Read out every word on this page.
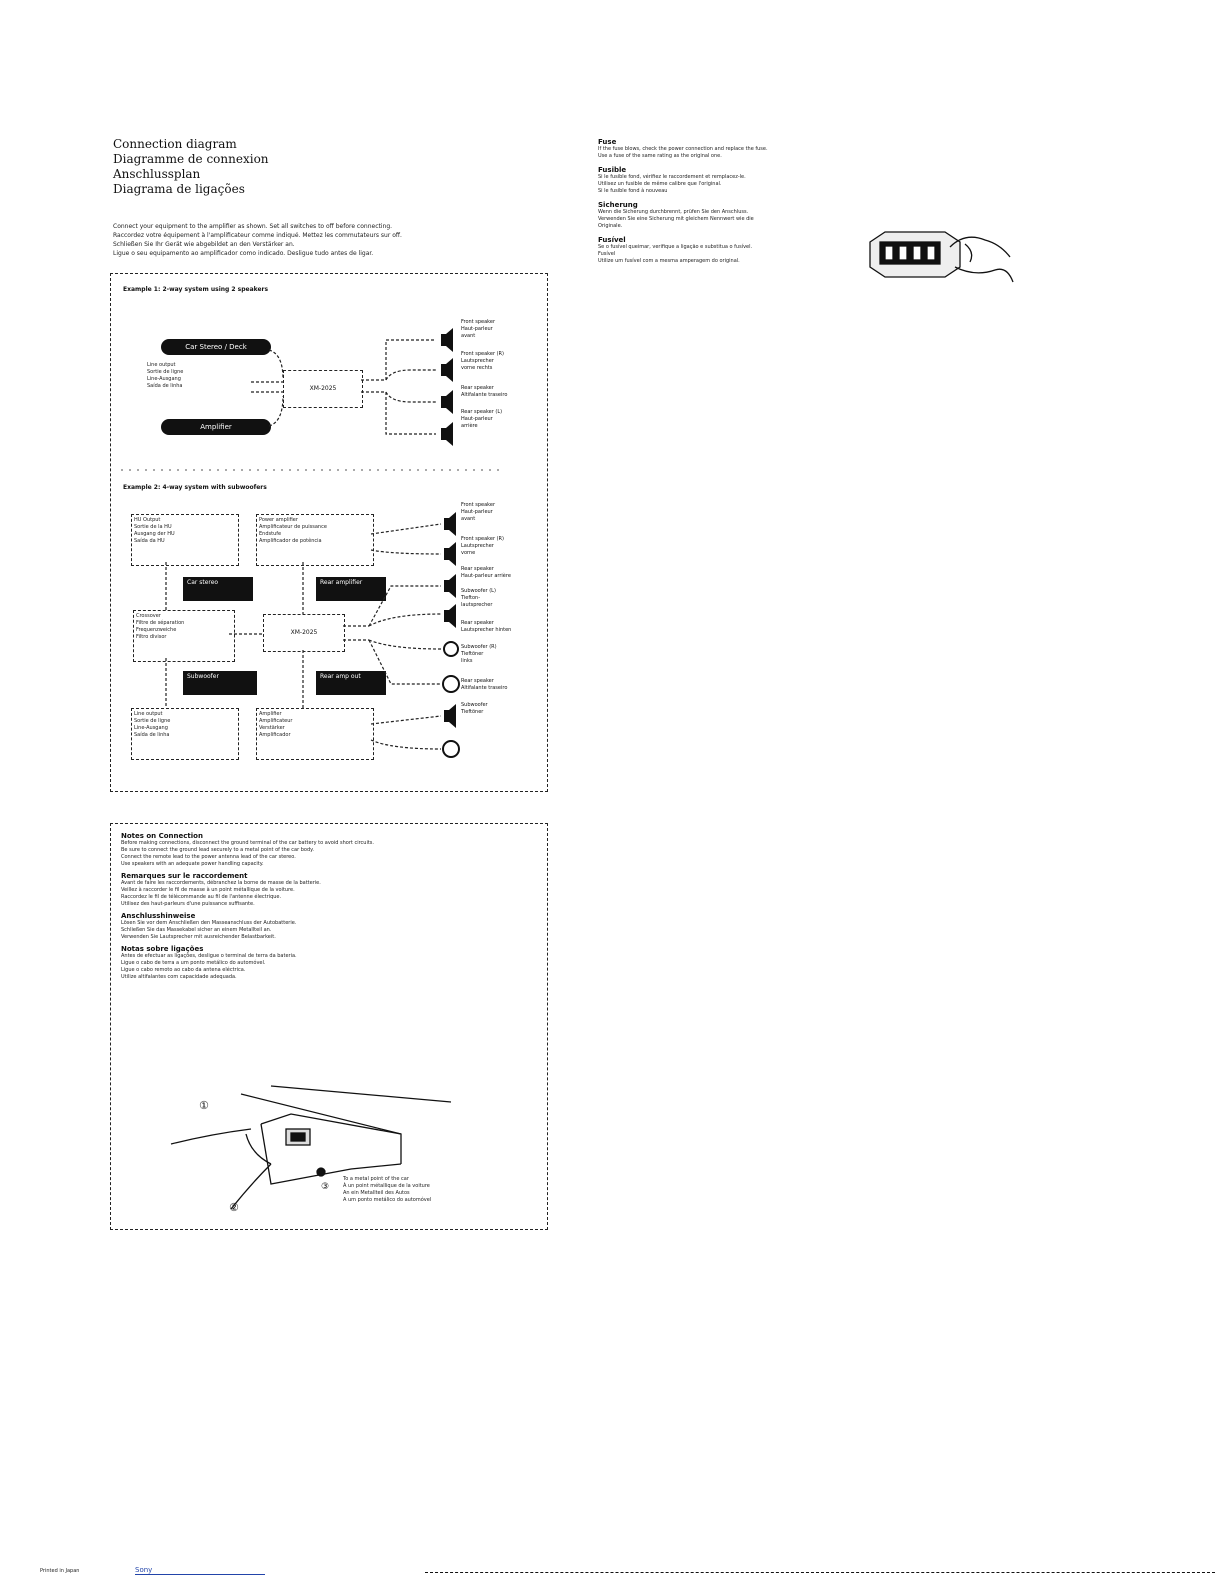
Connection diagram
Diagramme de connexion
Anschlussplan
Diagrama de ligações
Connect your equipment to the amplifier as shown. Set all switches to off before connecting.
Raccordez votre équipement à l'amplificateur comme indiqué. Mettez les commutateurs sur off.
Schließen Sie Ihr Gerät wie abgebildet an den Verstärker an.
Ligue o seu equipamento ao amplificador como indicado. Desligue tudo antes de ligar.
Example 1: 2-way system using 2 speakers
Car Stereo / Deck
Amplifier
Line output
Sortie de ligne
Line-Ausgang
Saída de linha	XM-2025
Front speaker
Haut-parleur
avant
Front speaker (R)
Lautsprecher
vorne rechts
Rear speaker
Altifalante traseiro
Rear speaker (L)
Haut-parleur
arrière
Example 2: 4-way system with subwoofers
HU Output
Sortie de la HU
Ausgang der HU
Saída da HU
Power amplifier
Amplificateur de puissance
Endstufe
Amplificador de potência
Car stereo	Rear amplifier
Crossover
Filtre de séparation
Frequenzweiche
Filtro divisor
XM-2025
Subwoofer	Rear amp out
Line output
Sortie de ligne
Line-Ausgang
Saída de linha
Amplifier
Amplificateur
Verstärker
Amplificador
Front speaker
Haut-parleur
avant
Front speaker (R)
Lautsprecher
vorne
Rear speaker
Haut-parleur arrière
Subwoofer (L)
Tiefton-
lautsprecher
Rear speaker
Lautsprecher hinten
Subwoofer (R)
Tieftöner
links
Rear speaker
Altifalante traseiro
Subwoofer
Tieftöner
Notes on Connection
Before making connections, disconnect the ground terminal of the car battery to avoid short circuits.
Be sure to connect the ground lead securely to a metal point of the car body.
Connect the remote lead to the power antenna lead of the car stereo.
Use speakers with an adequate power handling capacity.
Remarques sur le raccordement
Avant de faire les raccordements, débranchez la borne de masse de la batterie.
Veillez à raccorder le fil de masse à un point métallique de la voiture.
Raccordez le fil de télécommande au fil de l'antenne électrique.
Utilisez des haut-parleurs d'une puissance suffisante.
Anschlusshinweise
Lösen Sie vor dem Anschließen den Masseanschluss der Autobatterie.
Schließen Sie das Massekabel sicher an einem Metallteil an.
Verwenden Sie Lautsprecher mit ausreichender Belastbarkeit.
Notas sobre ligações
Antes de efectuar as ligações, desligue o terminal de terra da bateria.
Ligue o cabo de terra a um ponto metálico do automóvel.
Ligue o cabo remoto ao cabo da antena eléctrica.
Utilize altifalantes com capacidade adequada.
①
②
③
To a metal point of the car
À un point métallique de la voiture
An ein Metallteil des Autos
A um ponto metálico do automóvel
Fuse
If the fuse blows, check the power connection and replace the fuse.
Use a fuse of the same rating as the original one.
Fusible
Si le fusible fond, vérifiez le raccordement et remplacez-le.
Utilisez un fusible de même calibre que l'original.
Si le fusible fond à nouveau
Sicherung
Wenn die Sicherung durchbrennt, prüfen Sie den Anschluss.
Verwenden Sie eine Sicherung mit gleichem Nennwert wie die
Originale.
Fusível
Se o fusível queimar, verifique a ligação e substitua o fusível.
Fusível
Utilize um fusível com a mesma amperagem do original.
Printed in Japan	Sony
